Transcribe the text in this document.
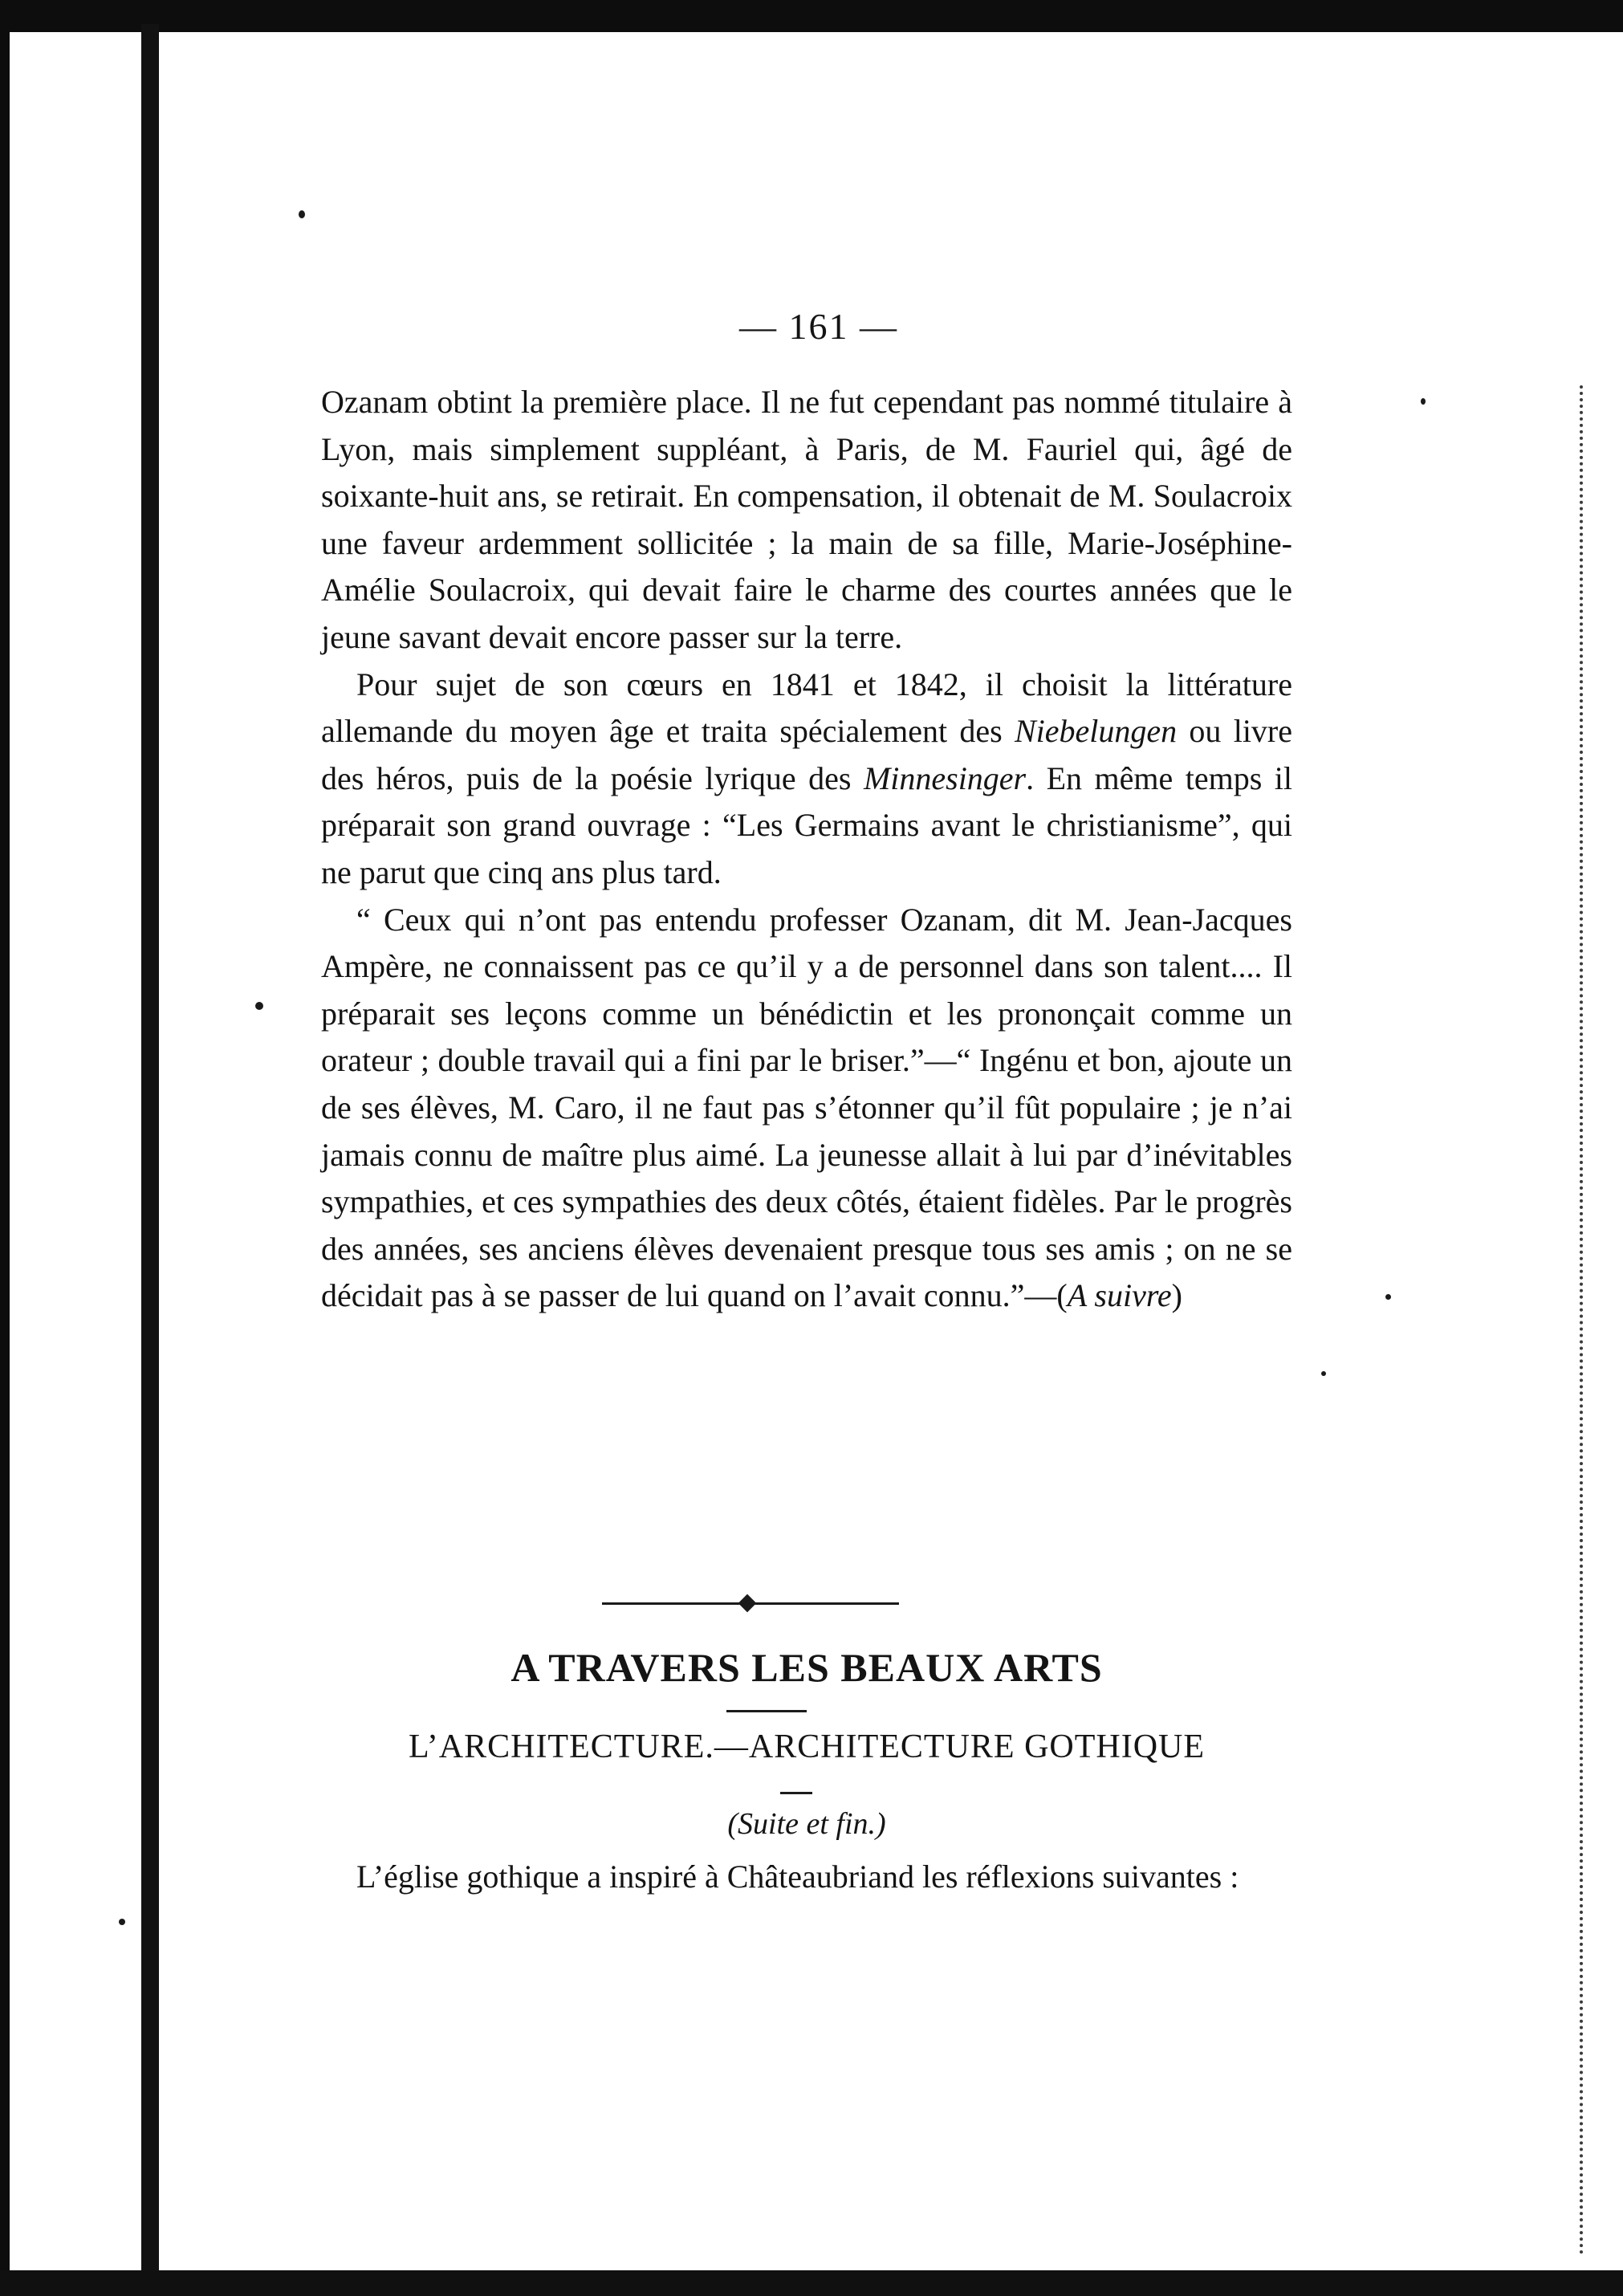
— 161 —

Ozanam obtint la première place. Il ne fut cependant pas nommé titulaire à Lyon, mais simplement suppléant, à Paris, de M. Fauriel qui, âgé de soixante-huit ans, se retirait. En compensation, il obtenait de M. Soulacroix une faveur ardemment sollicitée ; la main de sa fille, Marie-Joséphine-Amélie Soulacroix, qui devait faire le charme des courtes années que le jeune savant devait encore passer sur la terre.

Pour sujet de son cœurs en 1841 et 1842, il choisit la littérature allemande du moyen âge et traita spécialement des Niebelungen ou livre des héros, puis de la poésie lyrique des Minnesinger. En même temps il préparait son grand ouvrage : “Les Germains avant le christianisme”, qui ne parut que cinq ans plus tard.

“ Ceux qui n’ont pas entendu professer Ozanam, dit M. Jean-Jacques Ampère, ne connaissent pas ce qu’il y a de personnel dans son talent.... Il préparait ses leçons comme un bénédictin et les prononçait comme un orateur ; double travail qui a fini par le briser.”—“ Ingénu et bon, ajoute un de ses élèves, M. Caro, il ne faut pas s’étonner qu’il fût populaire ; je n’ai jamais connu de maître plus aimé. La jeunesse allait à lui par d’inévitables sympathies, et ces sympathies des deux côtés, étaient fidèles. Par le progrès des années, ses anciens élèves devenaient presque tous ses amis ; on ne se décidait pas à se passer de lui quand on l’avait connu.”—(A suivre)

A TRAVERS LES BEAUX ARTS
L’ARCHITECTURE.—ARCHITECTURE GOTHIQUE
(Suite et fin.)

L’église gothique a inspiré à Châteaubriand les réflexions suivantes :
